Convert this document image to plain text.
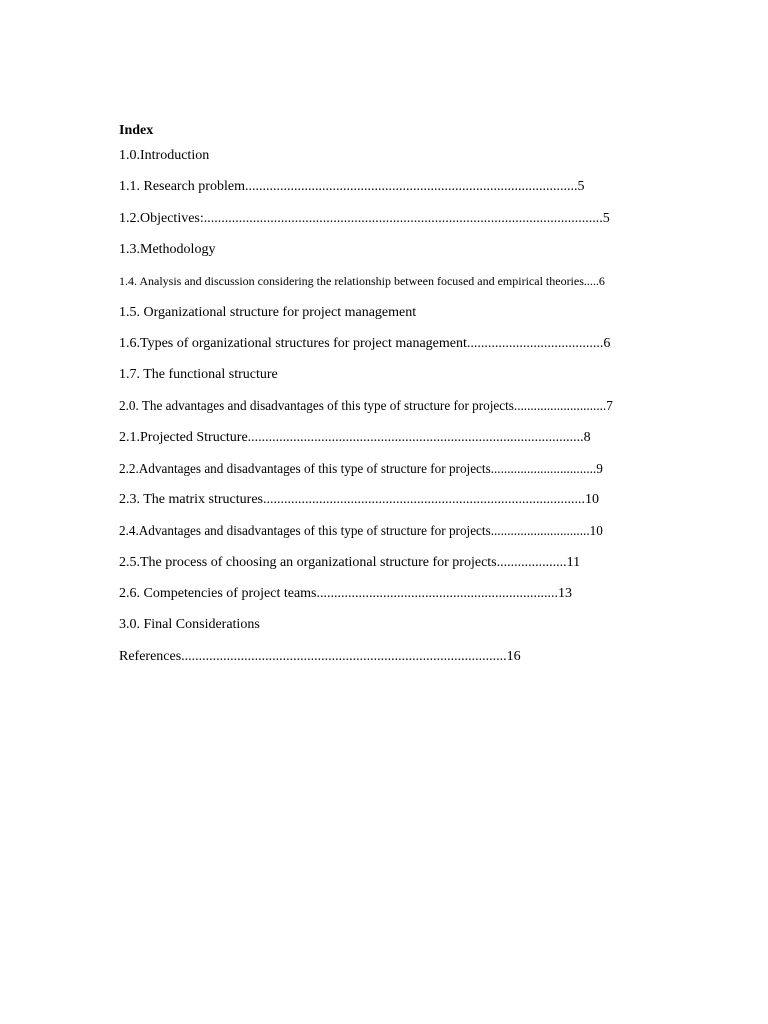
Index
1.0.Introduction
1.1. Research problem...............................................................................................5
1.2.Objectives:..................................................................................................................5
1.3.Methodology
1.4. Analysis and discussion considering the relationship between focused and empirical theories.....6
1.5. Organizational structure for project management
1.6.Types of organizational structures for project management.......................................6
1.7. The functional structure
2.0. The advantages and disadvantages of this type of structure for projects............................7
2.1.Projected Structure................................................................................................8
2.2.Advantages and disadvantages of this type of structure for projects................................9
2.3. The matrix structures............................................................................................10
2.4.Advantages and disadvantages of this type of structure for projects..............................10
2.5.The process of choosing an organizational structure for projects....................11
2.6. Competencies of project teams.....................................................................13
3.0. Final Considerations
References.............................................................................................16
